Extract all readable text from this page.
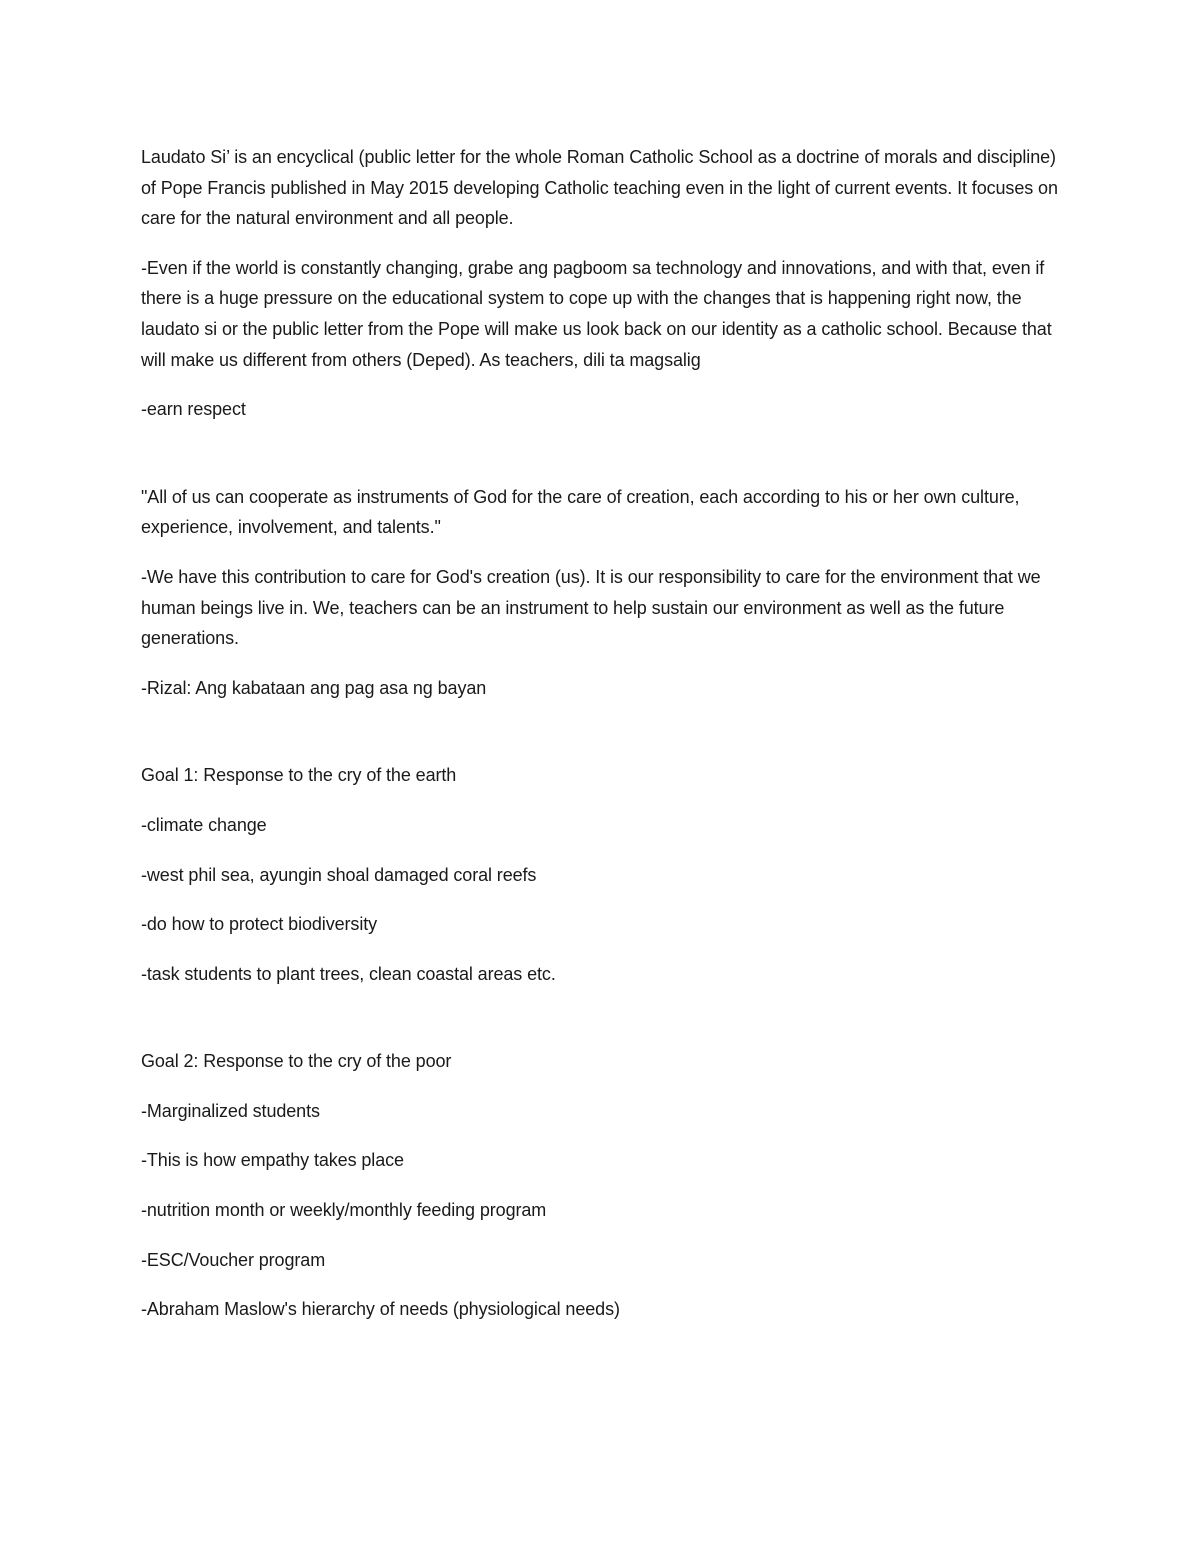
Laudato Si’ is an encyclical (public letter for the whole Roman Catholic School as a doctrine of morals and discipline) of Pope Francis published in May 2015 developing Catholic teaching even in the light of current events. It focuses on care for the natural environment and all people.

-Even if the world is constantly changing, grabe ang pagboom sa technology and innovations, and with that, even if there is a huge pressure on the educational system to cope up with the changes that is happening right now, the laudato si or the public letter from the Pope will make us look back on our identity as a catholic school. Because that will make us different from others (Deped). As teachers, dili ta magsalig

-earn respect

"All of us can cooperate as instruments of God for the care of creation, each according to his or her own culture, experience, involvement, and talents."

-We have this contribution to care for God's creation (us). It is our responsibility to care for the environment that we human beings live in. We, teachers can be an instrument to help sustain our environment as well as the future generations.

-Rizal: Ang kabataan ang pag asa ng bayan

Goal 1: Response to the cry of the earth

-climate change

-west phil sea, ayungin shoal damaged coral reefs

-do how to protect biodiversity

-task students to plant trees, clean coastal areas etc.

Goal 2: Response to the cry of the poor

-Marginalized students

-This is how empathy takes place

-nutrition month or weekly/monthly feeding program

-ESC/Voucher program

-Abraham Maslow's hierarchy of needs (physiological needs)
